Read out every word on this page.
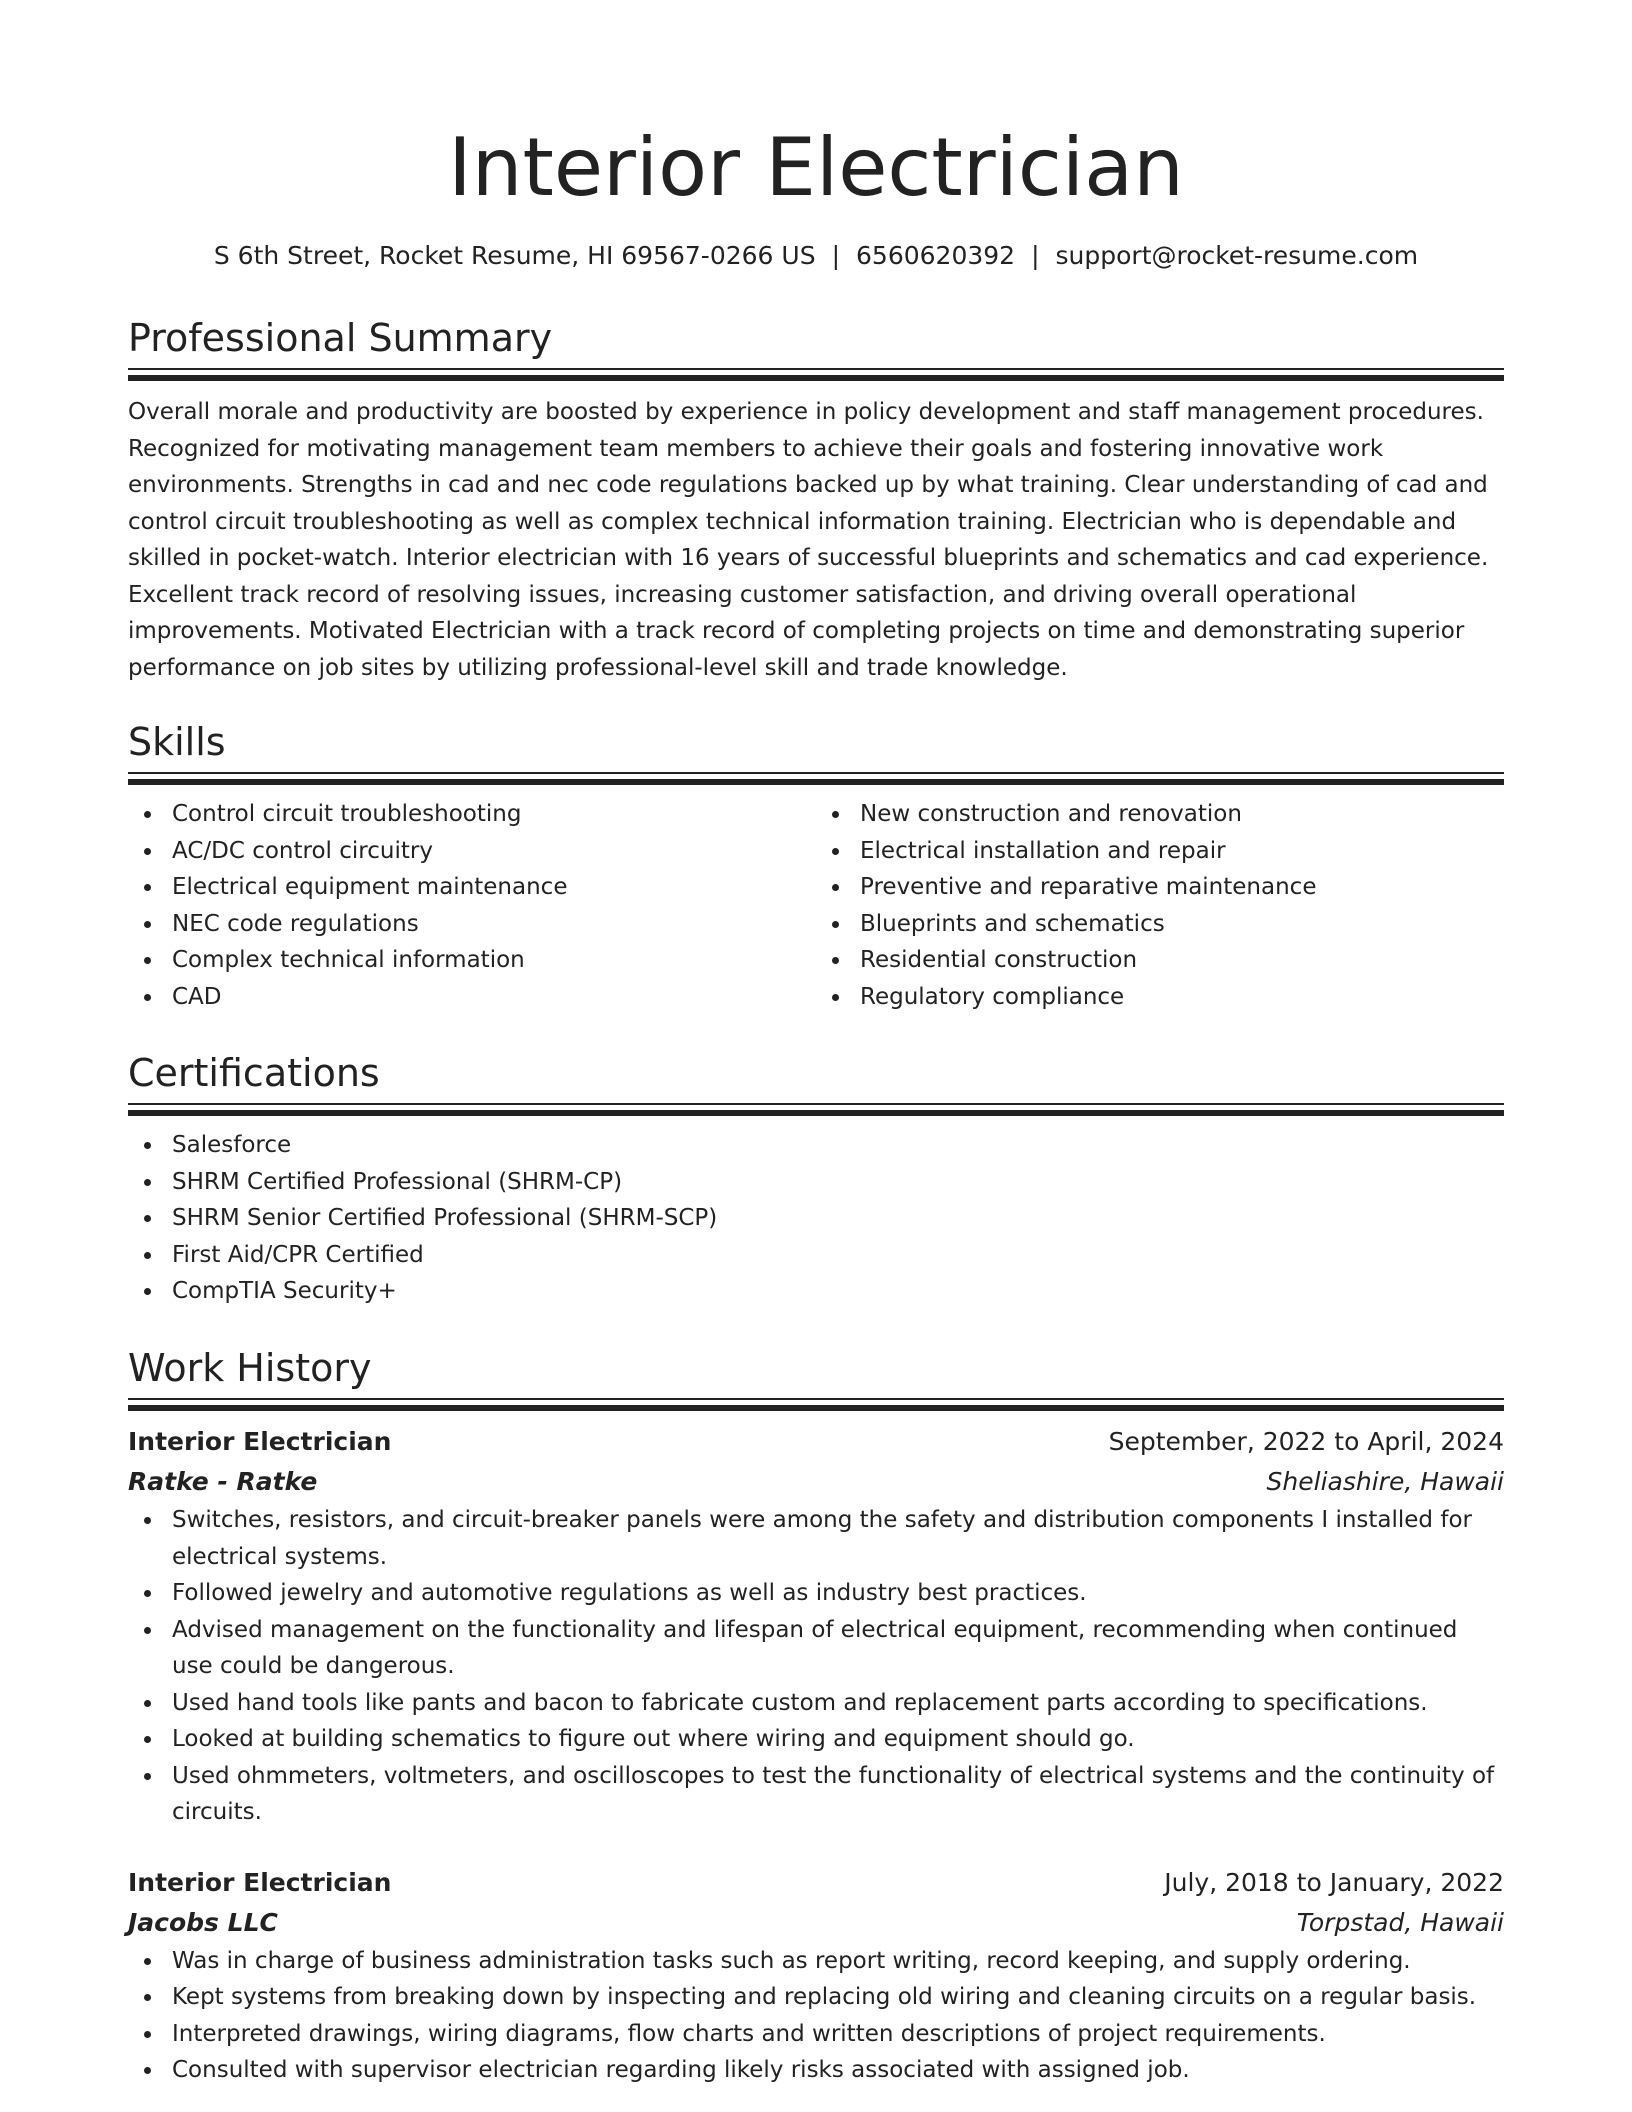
Interior Electrician
S 6th Street, Rocket Resume, HI 69567-0266 US | 6560620392 | support@rocket-resume.com
Professional Summary

Overall morale and productivity are boosted by experience in policy development and staff management procedures. Recognized for motivating management team members to achieve their goals and fostering innovative work environments. Strengths in cad and nec code regulations backed up by what training. Clear understanding of cad and control circuit troubleshooting as well as complex technical information training. Electrician who is dependable and skilled in pocket-watch. Interior electrician with 16 years of successful blueprints and schematics and cad experience. Excellent track record of resolving issues, increasing customer satisfaction, and driving overall operational improvements. Motivated Electrician with a track record of completing projects on time and demonstrating superior performance on job sites by utilizing professional-level skill and trade knowledge.

Skills
Control circuit troubleshooting
AC/DC control circuitry
Electrical equipment maintenance
NEC code regulations
Complex technical information
CAD
New construction and renovation
Electrical installation and repair
Preventive and reparative maintenance
Blueprints and schematics
Residential construction
Regulatory compliance
Certifications
Salesforce
SHRM Certified Professional (SHRM-CP)
SHRM Senior Certified Professional (SHRM-SCP)
First Aid/CPR Certified
CompTIA Security+
Work History
Interior Electrician	September, 2022 to April, 2024
Ratke - Ratke	Sheliashire, Hawaii
Switches, resistors, and circuit-breaker panels were among the safety and distribution components I installed for electrical systems.
Followed jewelry and automotive regulations as well as industry best practices.
Advised management on the functionality and lifespan of electrical equipment, recommending when continued use could be dangerous.
Used hand tools like pants and bacon to fabricate custom and replacement parts according to specifications.
Looked at building schematics to figure out where wiring and equipment should go.
Used ohmmeters, voltmeters, and oscilloscopes to test the functionality of electrical systems and the continuity of circuits.
Interior Electrician	July, 2018 to January, 2022
Jacobs LLC	Torpstad, Hawaii
Was in charge of business administration tasks such as report writing, record keeping, and supply ordering.
Kept systems from breaking down by inspecting and replacing old wiring and cleaning circuits on a regular basis.
Interpreted drawings, wiring diagrams, flow charts and written descriptions of project requirements.
Consulted with supervisor electrician regarding likely risks associated with assigned job.
